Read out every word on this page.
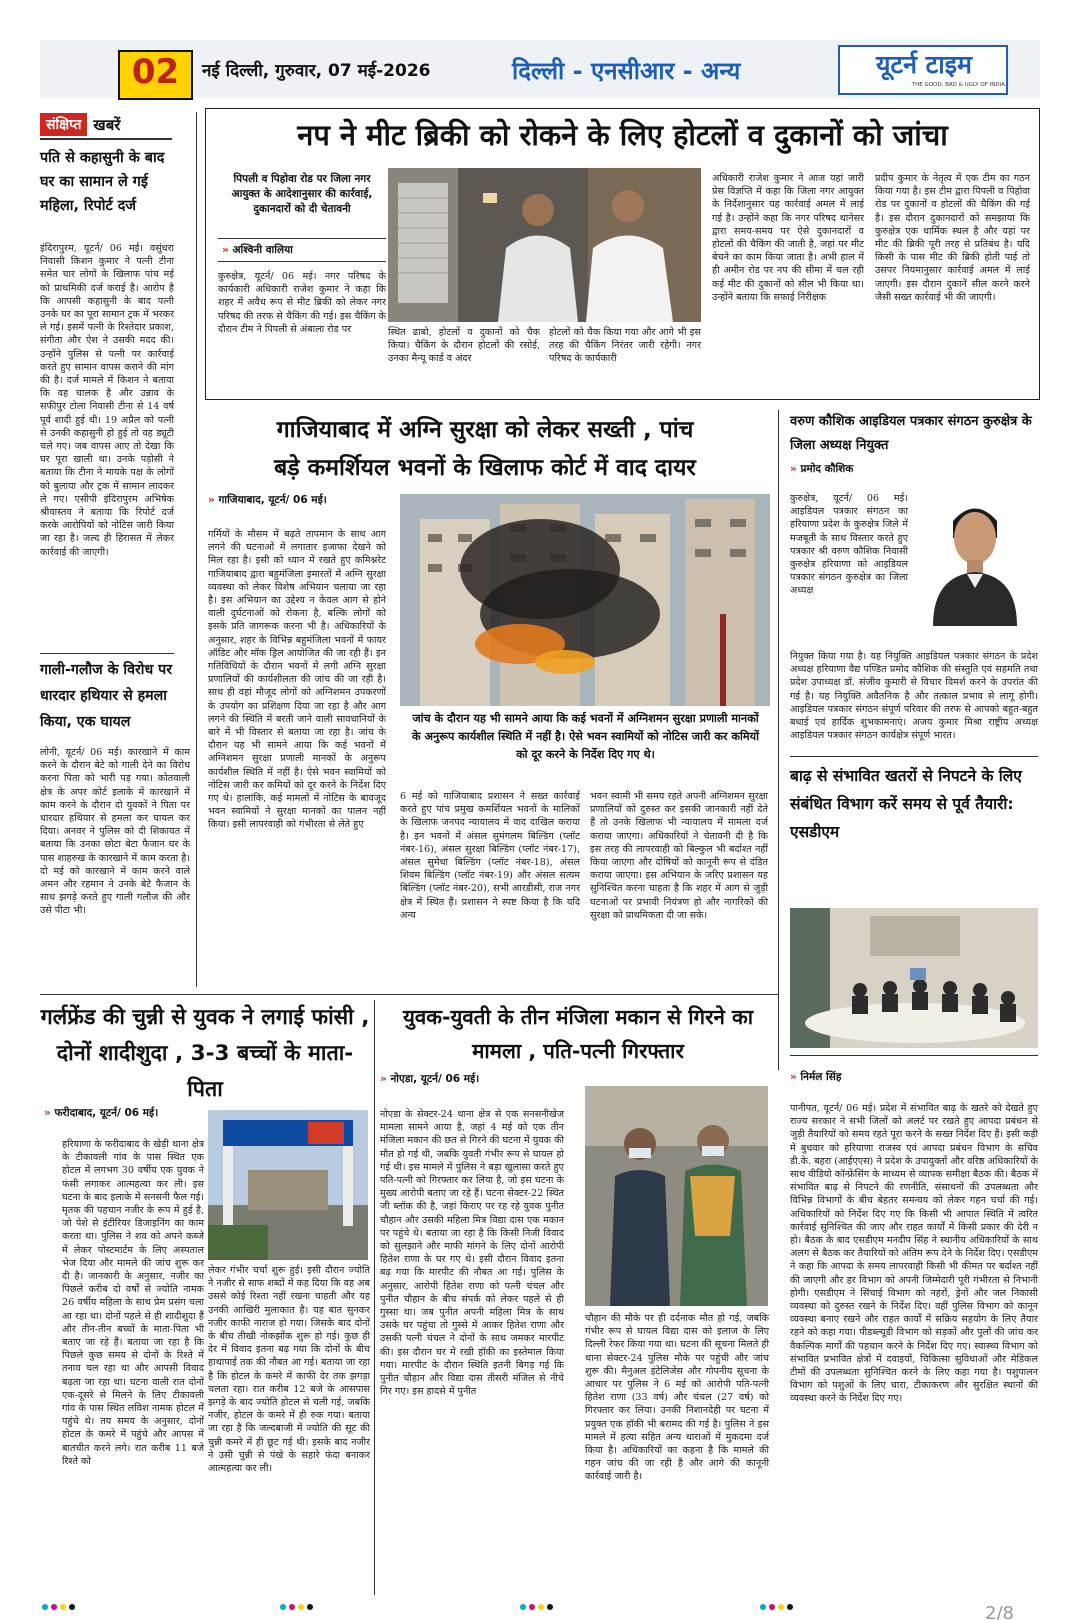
02	नई दिल्ली, गुरुवार, 07 मई-2026	दिल्ली - एनसीआर - अन्य	यूटर्न टाइम
THE GOOD, BAD & UGLY OF INDIA
संक्षिप्त खबरें
पति से कहासुनी के बाद घर का सामान ले गई महिला, रिपोर्ट दर्ज
इंदिरापुरम, यूटर्न/ 06 मई। वसुंधरा निवासी किशन कुमार ने पत्नी टीना समेत चार लोगों के खिलाफ पांच मई को प्राथमिकी दर्ज कराई है। आरोप है कि आपसी कहासुनी के बाद पत्नी उनके घर का पूरा सामान ट्रक में भरकर ले गई। इसमें पत्नी के रिश्तेदार प्रकाश, संगीता और ऐश ने उसकी मदद की। उन्होंने पुलिस से पत्नी पर कार्रवाई करते हुए सामान वापस कराने की मांग की है। दर्ज मामले में किशन ने बताया कि वह चालक है और उन्नाव के सफीपुर टोला निवासी टीना से 14 वर्ष पूर्व शादी हुई थी। 19 अप्रैल को पत्नी से उनकी कहासुनी हो हुई तो वह ड्यूटी चले गए। जब वापस आए तो देखा कि घर पूरा खाली था। उनके पड़ोसी ने बताया कि टीना ने मायके पक्ष के लोगों को बुलाया और ट्रक में सामान लादकर ले गए। एसीपी इंदिरापुरम अभिषेक श्रीवास्तव ने बताया कि रिपोर्ट दर्ज करके आरोपियों को नोटिस जारी किया जा रहा है। जल्द ही हिरासत में लेकर कार्रवाई की जाएगी।
गाली-गलौज के विरोध पर धारदार हथियार से हमला किया, एक घायल
लोनी, यूटर्न/ 06 मई। कारखाने में काम करने के दौरान बेटे को गाली देने का विरोध करना पिता को भारी पड़ गया। कोतवाली क्षेत्र के अपर कोर्ट इलाके में कारखाने में काम करने के दौरान दो युवकों ने पिता पर धारदार हथियार से हमला कर घायल कर दिया। अनवर ने पुलिस को दी शिकायत में बताया कि उनका छोटा बेटा फैजान घर के पास शाहरुख के कारखाने में काम करता है। दो मई को कारखाने में काम करने वाले अमन और रहमान ने उनके बेटे फैजान के साथ झगड़े करते हुए गाली गलौज की और उसे पीटा भी।
नप ने मीट ब्रिकी को रोकने के लिए होटलों व दुकानों को जांचा
पिपली व पिहोवा रोड पर जिला नगर आयुक्त के आदेशानुसार की कार्रवाई, दुकानदारों को दी चेतावनी
» अश्विनी वालिया
कुरुक्षेत्र, यूटर्न/ 06 मई। नगर परिषद के कार्यकारी अधिकारी राजेश कुमार ने कहा कि शहर में अवैध रूप से मीट ब्रिकी को लेकर नगर परिषद की तरफ से चैकिंग की गई। इस चैकिंग के दौरान टीम ने पिपली से अंबाला रोड पर	स्थित ढाबो, होटलों व दुकानों को चैक किया। चैकिंग के दौरान होटलों की रसोई, उनका मैन्यू कार्ड व अंदर
होटलों को चैक किया गया और आगे भी इस तरह की चैकिंग निरंतर जारी रहेगी। नगर परिषद के कार्यकारी
अधिकारी राजेश कुमार ने आज यहां जारी प्रेस विज्ञप्ति में कहा कि जिला नगर आयुक्त के निर्देशानुसार यह कार्रवाई अमल में लाई गई है। उन्होंने कहा कि नगर परिषद थानेसर द्वारा समय-समय पर ऐसे दुकानदारों व होटलों की चैकिंग की जाती है, जहां पर मीट बेचने का काम किया जाता है। अभी हाल में ही अमीन रोड पर नप की सीमा में चल रही कई मीट की दुकानों को सील भी किया था। उन्होंने बताया कि सफाई निरीक्षक
प्रदीप कुमार के नेतृत्व में एक टीम का गठन किया गया है। इस टीम द्वारा पिपली व पिहोवा रोड पर दुकानों व होटलों की चैकिंग की गई है। इस दौरान दुकानदारों को समझाया कि कुरुक्षेत्र एक धार्मिक स्थल है और यहां पर मीट की ब्रिकी पूरी तरह से प्रतिबंध है। यदि किसी के पास मीट की ब्रिकी होती पाई तो उसपर नियमानुसार कार्रवाई अमल में लाई जाएगी। इस दौरान दुकानें सील करने करने जैसी सख्त कार्रवाई भी की जाएगी।
गाजियाबाद में अग्नि सुरक्षा को लेकर सख्ती , पांच
बड़े कमर्शियल भवनों के खिलाफ कोर्ट में वाद दायर
» गाजियाबाद, यूटर्न/ 06 मई।
गर्मियों के मौसम में बढ़ते तापमान के साथ आग लगने की घटनाओं में लगातार इजाफा देखने को मिल रहा है। इसी को ध्यान में रखते हुए कमिश्नरेट गाजियाबाद द्वारा बहुमंजिला इमारतों में अग्नि सुरक्षा व्यवस्था को लेकर विशेष अभियान चलाया जा रहा है। इस अभियान का उद्देश्य न केवल आग से होने वाली दुर्घटनाओं को रोकना है, बल्कि लोगों को इसके प्रति जागरूक करना भी है। अधिकारियों के अनुसार, शहर के विभिन्न बहुमंजिला भवनों में फायर ऑडिट और मॉक ड्रिल आयोजित की जा रही हैं। इन गतिविधियों के दौरान भवनों में लगी अग्नि सुरक्षा प्रणालियों की कार्यशीलता की जांच की जा रही है। साथ ही वहां मौजूद लोगों को अग्निशमन उपकरणों के उपयोग का प्रशिक्षण दिया जा रहा है और आग लगने की स्थिति में बरती जाने वाली सावधानियों के बारे में भी विस्तार से बताया जा रहा है। जांच के दौरान यह भी सामने आया कि कई भवनों में अग्निशमन सुरक्षा प्रणाली मानकों के अनुरूप कार्यशील स्थिति में नहीं है। ऐसे भवन स्वामियों को नोटिस जारी कर कमियों को दूर करने के निर्देश दिए गए थे। हालांकि, कई मामलों में नोटिस के बावजूद भवन स्वामियों ने सुरक्षा मानकों का पालन नहीं किया। इसी लापरवाही को गंभीरता से लेते हुए
जांच के दौरान यह भी सामने आया कि कई भवनों में अग्निशमन सुरक्षा प्रणाली मानकों के अनुरूप कार्यशील स्थिति में नहीं है। ऐसे भवन स्वामियों को नोटिस जारी कर कमियों को दूर करने के निर्देश दिए गए थे।
6 मई को गाजियाबाद प्रशासन ने सख्त कार्रवाई करते हुए पांच प्रमुख कमर्शियल भवनों के मालिकों के खिलाफ जनपद न्यायालय में वाद दाखिल कराया है। इन भवनों में अंसल सुमंगलम बिल्डिंग (प्लॉट नंबर-16), अंसल सुरक्षा बिल्डिंग (प्लॉट नंबर-17), अंसल सुमेधा बिल्डिंग (प्लॉट नंबर-18), अंसल शिवम बिल्डिंग (प्लॉट नंबर-19) और अंसल सत्यम बिल्डिंग (प्लॉट नंबर-20), सभी आरडीसी, राज नगर क्षेत्र में स्थित हैं। प्रशासन ने स्पष्ट किया है कि यदि अन्य
भवन स्वामी भी समय रहते अपनी अग्निशमन सुरक्षा प्रणालियों को दुरुस्त कर इसकी जानकारी नहीं देते हैं तो उनके खिलाफ भी न्यायालय में मामला दर्ज कराया जाएगा। अधिकारियों ने चेतावनी दी है कि इस तरह की लापरवाही को बिल्कुल भी बर्दाश्त नहीं किया जाएगा और दोषियों को कानूनी रूप से दंडित कराया जाएगा। इस अभियान के जरिए प्रशासन यह सुनिश्चित करना चाहता है कि शहर में आग से जुड़ी घटनाओं पर प्रभावी नियंत्रण हो और नागरिकों की सुरक्षा को प्राथमिकता दी जा सके।
वरुण कौशिक आइडियल पत्रकार संगठन कुरुक्षेत्र के जिला अध्यक्ष नियुक्त
» प्रमोद कौशिक
कुरुक्षेत्र, यूटर्न/ 06 मई। आइडियल पत्रकार संगठन का हरियाणा प्रदेश के कुरुक्षेत्र जिले में मजबूती के साथ विस्तार करते हुए पत्रकार श्री वरुण कौशिक निवासी कुरुक्षेत्र हरियाणा को आइडियल पत्रकार संगठन कुरुक्षेत्र का जिला अध्यक्ष
नियुक्त किया गया है। यह नियुक्ति आइडियल पत्रकार संगठन के प्रदेश अध्यक्ष हरियाणा वैद्य पण्डित प्रमोद कौशिक की संस्तुति एवं सहमति तथा प्रदेश उपाध्यक्ष डॉ. संजीव कुमारी से विचार विमर्श करने के उपरांत की गई है। यह नियुक्ति अवैतनिक है और तत्काल प्रभाव से लागू होगी। आइडियल पत्रकार संगठन संपूर्ण परिवार की तरफ से आपको बहुत-बहुत बधाई एवं हार्दिक शुभकामनाएं। अजय कुमार मिश्रा राष्ट्रीय अध्यक्ष आइडियल पत्रकार संगठन कार्यक्षेत्र संपूर्ण भारत।
बाढ़ से संभावित खतरों से निपटने के लिए संबंधित विभाग करें समय से पूर्व तैयारी: एसडीएम
» निर्मल सिंह
पानीपत, यूटर्न/ 06 मई। प्रदेश में संभावित बाढ़ के खतरे को देखते हुए राज्य सरकार ने सभी जिलों को अलर्ट पर रखते हुए आपदा प्रबंधन से जुड़ी तैयारियों को समय रहते पूरा करने के सख्त निर्देश दिए हैं। इसी कड़ी में बुधवार को हरियाणा राजस्व एवं आपदा प्रबंधन विभाग के सचिव डी.के. बहरा (आईएएस) ने प्रदेश के उपायुक्तों और वरिष्ठ अधिकारियों के साथ वीडियो कॉन्फ्रेंसिंग के माध्यम से व्यापक समीक्षा बैठक की। बैठक में संभावित बाढ़ से निपटने की रणनीति, संसाधनों की उपलब्धता और विभिन्न विभागों के बीच बेहतर समन्वय को लेकर गहन चर्चा की गई। अधिकारियों को निर्देश दिए गए कि किसी भी आपात स्थिति में त्वरित कार्रवाई सुनिश्चित की जाए और राहत कार्यों में किसी प्रकार की देरी न हो। बैठक के बाद एसडीएम मनदीप सिंह ने स्थानीय अधिकारियों के साथ अलग से बैठक कर तैयारियों को अंतिम रूप देने के निर्देश दिए। एसडीएम ने कहा कि आपदा के समय लापरवाही किसी भी कीमत पर बर्दाश्त नहीं की जाएगी और हर विभाग को अपनी जिम्मेदारी पूरी गंभीरता से निभानी होगी। एसडीएम ने सिंचाई विभाग को नहरों, ड्रेनों और जल निकासी व्यवस्था को दुरुस्त रखने के निर्देश दिए। वहीं पुलिस विभाग को कानून व्यवस्था बनाए रखने और राहत कार्यों में सक्रिय सहयोग के लिए तैयार रहने को कहा गया। पीडब्ल्यूडी विभाग को सड़कों और पुलों की जांच कर वैकल्पिक मार्गों की पहचान करने के निर्देश दिए गए। स्वास्थ्य विभाग को संभावित प्रभावित क्षेत्रों में दवाइयों, चिकित्सा सुविधाओं और मेडिकल टीमों की उपलब्धता सुनिश्चित करने के लिए कहा गया है। पशुपालन विभाग को पशुओं के लिए चारा, टीकाकरण और सुरक्षित स्थानों की व्यवस्था करने के निर्देश दिए गए।
गर्लफ्रेंड की चुन्नी से युवक ने लगाई फांसी , दोनों शादीशुदा , 3-3 बच्चों के माता-पिता
» फरीदाबाद, यूटर्न/ 06 मई।
हरियाणा के फरीदाबाद के खेड़ी थाना क्षेत्र के टीकावली गांव के पास स्थित एक होटल में लगभग 30 वर्षीय एक युवक ने फंसी लगाकर आत्महत्या कर ली। इस घटना के बाद इलाके में सनसनी फैल गई। मृतक की पहचान नजीर के रूप में हुई है, जो पेशे से इंटीरियर डिजाइनिंग का काम करता था। पुलिस ने शव को अपने कब्जे में लेकर पोस्टमार्टम के लिए अस्पताल भेज दिया और मामले की जांच शुरू कर दी है। जानकारी के अनुसार, नजीर का पिछले करीब दो वर्षों से ज्योति नामक 26 वर्षीय महिला के साथ प्रेम प्रसंग चला आ रहा था। दोनों पहले से ही शादीशुदा हैं और तीन-तीन बच्चों के माता-पिता भी बताए जा रहे हैं। बताया जा रहा है कि पिछले कुछ समय से दोनों के रिश्ते में तनाव चल रहा था और आपसी विवाद बढ़ता जा रहा था। घटना वाली रात दोनों एक-दूसरे से मिलने के लिए टीकावली गांव के पास स्थित लविश नामक होटल में पहुंचे थे। तय समय के अनुसार, दोनों होटल के कमरे में पहुंचे और आपस में बातचीत करने लगे। रात करीब 11 बजे रिश्ते को
लेकर गंभीर चर्चा शुरू हुई। इसी दौरान ज्योति ने नजीर से साफ शब्दों में कह दिया कि वह अब उससे कोई रिश्ता नहीं रखना चाहती और यह उनकी आखिरी मुलाकात है। यह बात सुनकर नजीर काफी नाराज हो गया। जिसके बाद दोनों के बीच तीखी नोकझोंक शुरू हो गई। कुछ ही देर में विवाद इतना बढ़ गया कि दोनों के बीच हाथापाई तक की नौबत आ गई। बताया जा रहा है कि होटल के कमरे में काफी देर तक झगड़ा चलता रहा। रात करीब 12 बजे के आसपास झगड़े के बाद ज्योति होटल से चली गई, जबकि नजीर, होटल के कमरे में ही रुक गया। बताया जा रहा है कि जल्दबाजी में ज्योति की सूट की चुन्नी कमरे में ही छूट गई थी। इसके बाद नजीर ने उसी चुन्नी से पंखे के सहारे फंदा बनाकर आत्महत्या कर ली।
युवक-युवती के तीन मंजिला मकान से गिरने का मामला , पति-पत्नी गिरफ्तार
» नोएडा, यूटर्न/ 06 मई।
नोएडा के सेक्टर-24 थाना क्षेत्र से एक सनसनीखेज मामला सामने आया है, जहां 4 मई को एक तीन मंजिला मकान की छत से गिरने की घटना में युवक की मौत हो गई थी, जबकि युवती गंभीर रूप से घायल हो गई थी। इस मामले में पुलिस ने बड़ा खुलासा करते हुए पति-पत्नी को गिरफ्तार कर लिया है, जो इस घटना के मुख्य आरोपी बताए जा रहे हैं। घटना सेक्टर-22 स्थित जी ब्लॉक की है, जहां किराए पर रह रहे युवक पुनीत चौहान और उसकी महिला मित्र विद्या दास एक मकान पर पहुंचे थे। बताया जा रहा है कि किसी निजी विवाद को सुलझाने और माफी मांगने के लिए दोनों आरोपी हितेश राणा के घर गए थे। इसी दौरान विवाद इतना बढ़ गया कि मारपीट की नौबत आ गई। पुलिस के अनुसार, आरोपी हितेश राणा को पत्नी चंचल और पुनीत चौहान के बीच संपर्क को लेकर पहले से ही गुस्सा था। जब पुनीत अपनी महिला मित्र के साथ उसके घर पहुंचा तो गुस्से में आकर हितेश राणा और उसकी पत्नी चंचल ने दोनों के साथ जमकर मारपीट की। इस दौरान घर में रखी हॉकी का इस्तेमाल किया गया। मारपीट के दौरान स्थिति इतनी बिगड़ गई कि पुनीत चौहान और विद्या दास तीसरी मंजिल से नीचे गिर गए। इस हादसे में पुनीत
चौहान की मौके पर ही दर्दनाक मौत हो गई, जबकि गंभीर रूप से घायल विद्या दास को इलाज के लिए दिल्ली रेफर किया गया था। घटना की सूचना मिलते ही थाना सेक्टर-24 पुलिस मौके पर पहुंची और जांच शुरू की। मैनुअल इंटेलिजेंस और गोपनीय सूचना के आधार पर पुलिस ने 6 मई को आरोपी पति-पत्नी हितेश राणा (33 वर्ष) और चंचल (27 वर्ष) को गिरफ्तार कर लिया। उनकी निशानदेही पर घटना में प्रयुक्त एक हॉकी भी बरामद की गई है। पुलिस ने इस मामले में हत्या सहित अन्य धाराओं में मुकदमा दर्ज किया है। अधिकारियों का कहना है कि मामले की गहन जांच की जा रही है और आगे की कानूनी कार्रवाई जारी है।
2/8
